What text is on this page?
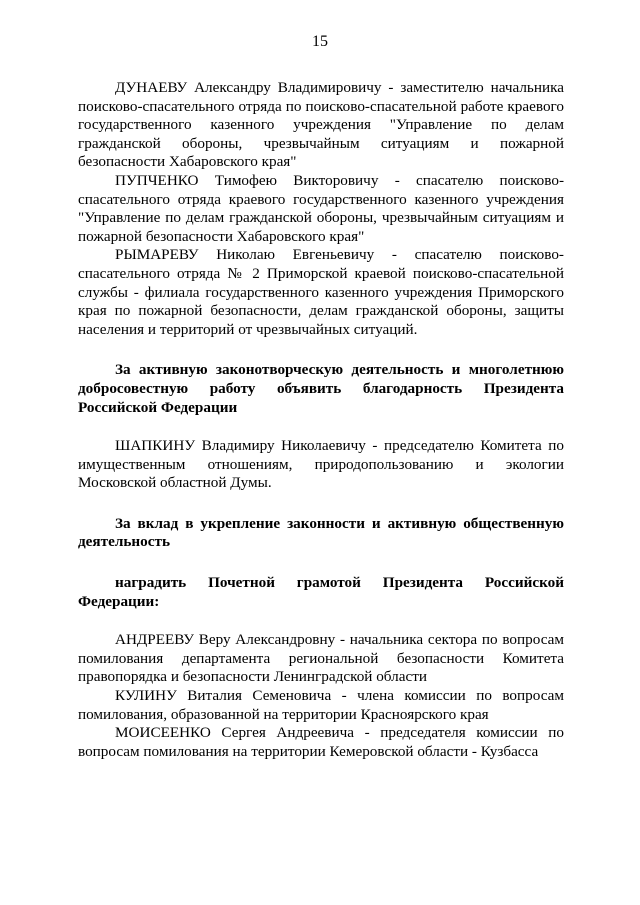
15

ДУНАЕВУ Александру Владимировичу - заместителю начальника поисково-спасательного отряда по поисково-спасательной работе краевого государственного казенного учреждения "Управление по делам гражданской обороны, чрезвычайным ситуациям и пожарной безопасности Хабаровского края"

ПУПЧЕНКО Тимофею Викторовичу - спасателю поисково-спасательного отряда краевого государственного казенного учреждения "Управление по делам гражданской обороны, чрезвычайным ситуациям и пожарной безопасности Хабаровского края"

РЫМАРЕВУ Николаю Евгеньевичу - спасателю поисково-спасательного отряда № 2 Приморской краевой поисково-спасательной службы - филиала государственного казенного учреждения Приморского края по пожарной безопасности, делам гражданской обороны, защиты населения и территорий от чрезвычайных ситуаций.

За активную законотворческую деятельность и многолетнюю добросовестную работу объявить благодарность Президента Российской Федерации

ШАПКИНУ Владимиру Николаевичу - председателю Комитета по имущественным отношениям, природопользованию и экологии Московской областной Думы.

За вклад в укрепление законности и активную общественную деятельность

наградить Почетной грамотой Президента Российской Федерации:

АНДРЕЕВУ Веру Александровну - начальника сектора по вопросам помилования департамента региональной безопасности Комитета правопорядка и безопасности Ленинградской области

КУЛИНУ Виталия Семеновича - члена комиссии по вопросам помилования, образованной на территории Красноярского края

МОИСЕЕНКО Сергея Андреевича - председателя комиссии по вопросам помилования на территории Кемеровской области - Кузбасса
